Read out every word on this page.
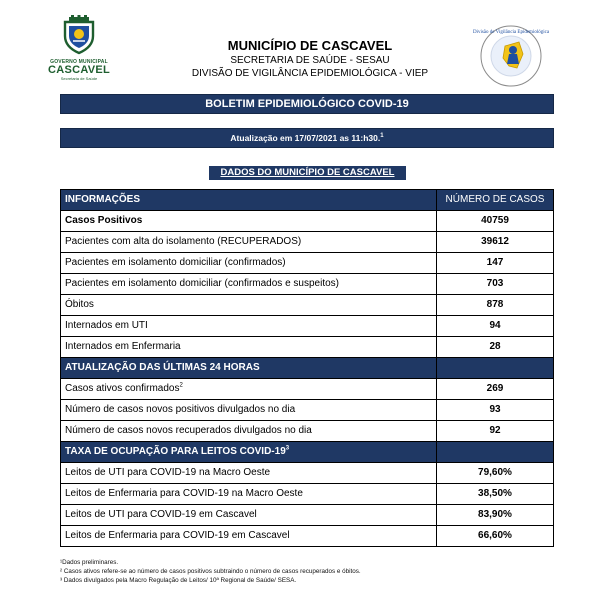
GOVERNO MUNICIPAL
CASCAVEL
Secretaria de Saúde
MUNICÍPIO DE CASCAVEL
SECRETARIA DE SAÚDE - SESAU
DIVISÃO DE VIGILÂNCIA EPIDEMIOLÓGICA - VIEP
Divisão de Vigilância Epidemiológica
BOLETIM EPIDEMIOLÓGICO COVID-19
Atualização em 17/07/2021 as 11:h30.$^1$
DADOS DO MUNICÍPIO DE CASCAVEL
INFORMAÇÕES	NÚMERO DE CASOS
Casos Positivos	40759
Pacientes com alta do isolamento (RECUPERADOS)	39612
Pacientes em isolamento domiciliar (confirmados)	147
Pacientes em isolamento domiciliar (confirmados e suspeitos)	703
Óbitos	878
Internados em UTI	94
Internados em Enfermaria	28
ATUALIZAÇÃO DAS ÚLTIMAS 24 HORAS	
Casos ativos confirmados$^2$	269
Número de casos novos positivos divulgados no dia	93
Número de casos novos recuperados divulgados no dia	92
TAXA DE OCUPAÇÃO PARA LEITOS COVID-$19^3$	
Leitos de UTI para COVID-19 na Macro Oeste	79,60%
Leitos de Enfermaria para COVID-19 na Macro Oeste	38,50%
Leitos de UTI para COVID-19 em Cascavel	83,90%
Leitos de Enfermaria para COVID-19 em Cascavel	66,60%
¹Dados preliminares.
² Casos ativos refere-se ao número de casos positivos subtraindo o número de casos recuperados e óbitos.
³ Dados divulgados pela Macro Regulação de Leitos/ 10ª Regional de Saúde/ SESA.
